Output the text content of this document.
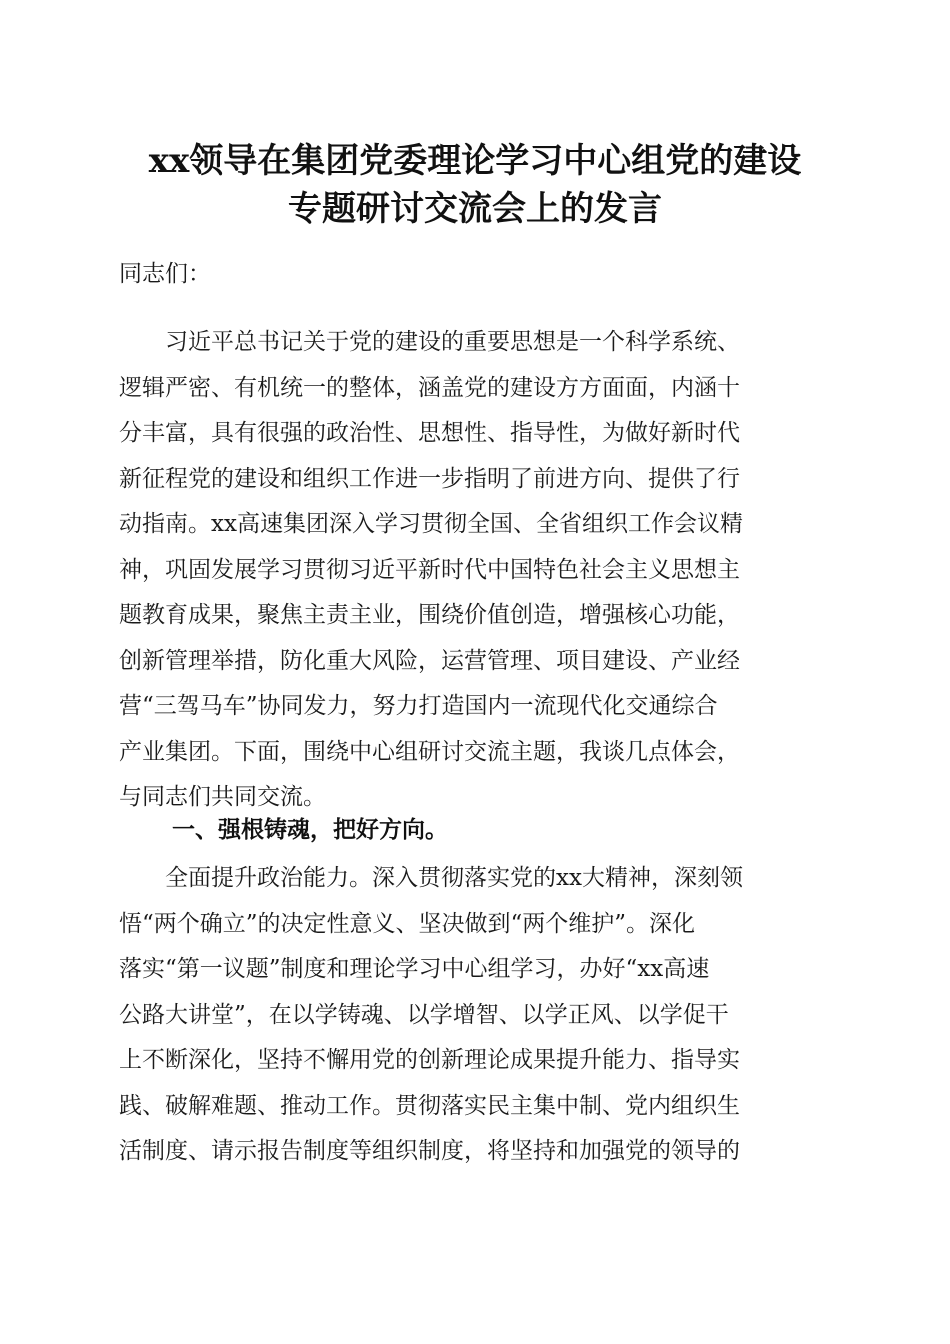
xx领导在集团党委理论学习中心组党的建设
专题研讨交流会上的发言
同志们：
　　习近平总书记关于党的建设的重要思想是一个科学系统、
逻辑严密、有机统一的整体，涵盖党的建设方方面面，内涵十
分丰富，具有很强的政治性、思想性、指导性，为做好新时代
新征程党的建设和组织工作进一步指明了前进方向、提供了行
动指南。xx高速集团深入学习贯彻全国、全省组织工作会议精
神，巩固发展学习贯彻习近平新时代中国特色社会主义思想主
题教育成果，聚焦主责主业，围绕价值创造，增强核心功能，
创新管理举措，防化重大风险，运营管理、项目建设、产业经
营“三驾马车”协同发力，努力打造国内一流现代化交通综合
产业集团。下面，围绕中心组研讨交流主题，我谈几点体会，
与同志们共同交流。
一、强根铸魂，把好方向。
　　全面提升政治能力。深入贯彻落实党的xx大精神，深刻领
悟“两个确立”的决定性意义、坚决做到“两个维护”。深化
落实“第一议题”制度和理论学习中心组学习，办好“xx高速
公路大讲堂”，在以学铸魂、以学增智、以学正风、以学促干
上不断深化，坚持不懈用党的创新理论成果提升能力、指导实
践、破解难题、推动工作。贯彻落实民主集中制、党内组织生
活制度、请示报告制度等组织制度，将坚持和加强党的领导的
